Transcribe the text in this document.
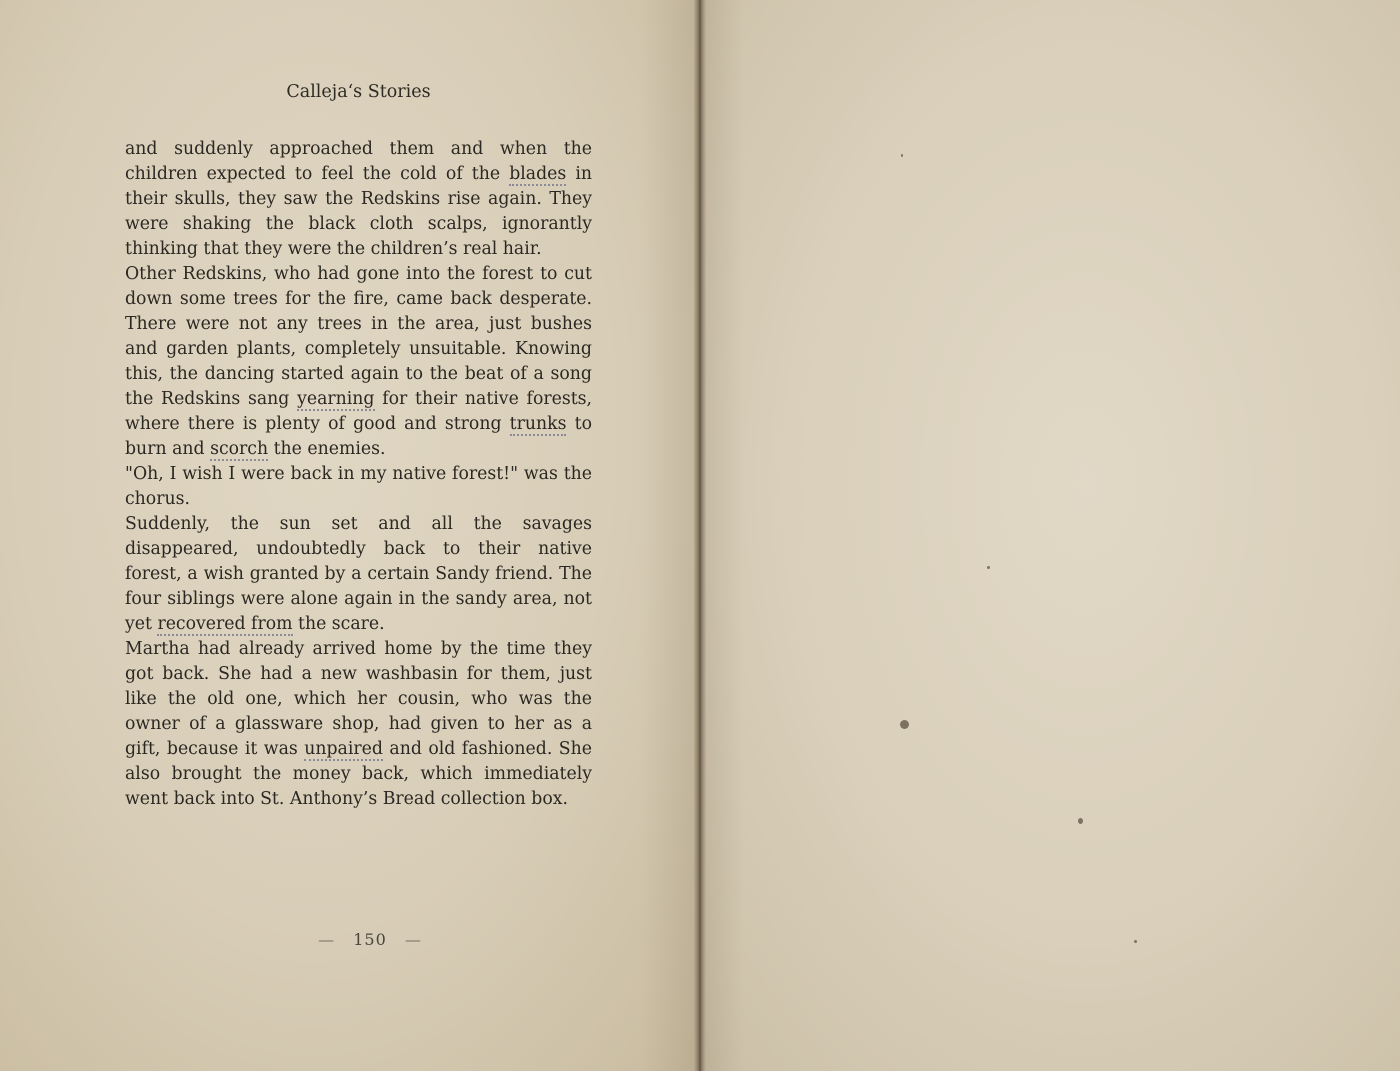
Calleja‘s Stories

and suddenly approached them and when the children expected to feel the cold of the blades in their skulls, they saw the Redskins rise again. They were shaking the black cloth scalps, ignorantly thinking that they were the children’s real hair.

Other Redskins, who had gone into the forest to cut down some trees for the fire, came back desperate. There were not any trees in the area, just bushes and garden plants, completely unsuitable. Knowing this, the dancing started again to the beat of a song the Redskins sang yearning for their native forests, where there is plenty of good and strong trunks to burn and scorch the enemies.

"Oh, I wish I were back in my native forest!" was the chorus.

Suddenly, the sun set and all the savages disappeared, undoubtedly back to their native forest, a wish granted by a certain Sandy friend. The four siblings were alone again in the sandy area, not yet recovered from the scare.

Martha had already arrived home by the time they got back. She had a new washbasin for them, just like the old one, which her cousin, who was the owner of a glassware shop, had given to her as a gift, because it was unpaired and old fashioned. She also brought the money back, which immediately went back into St. Anthony’s Bread collection box.

— 150 —
